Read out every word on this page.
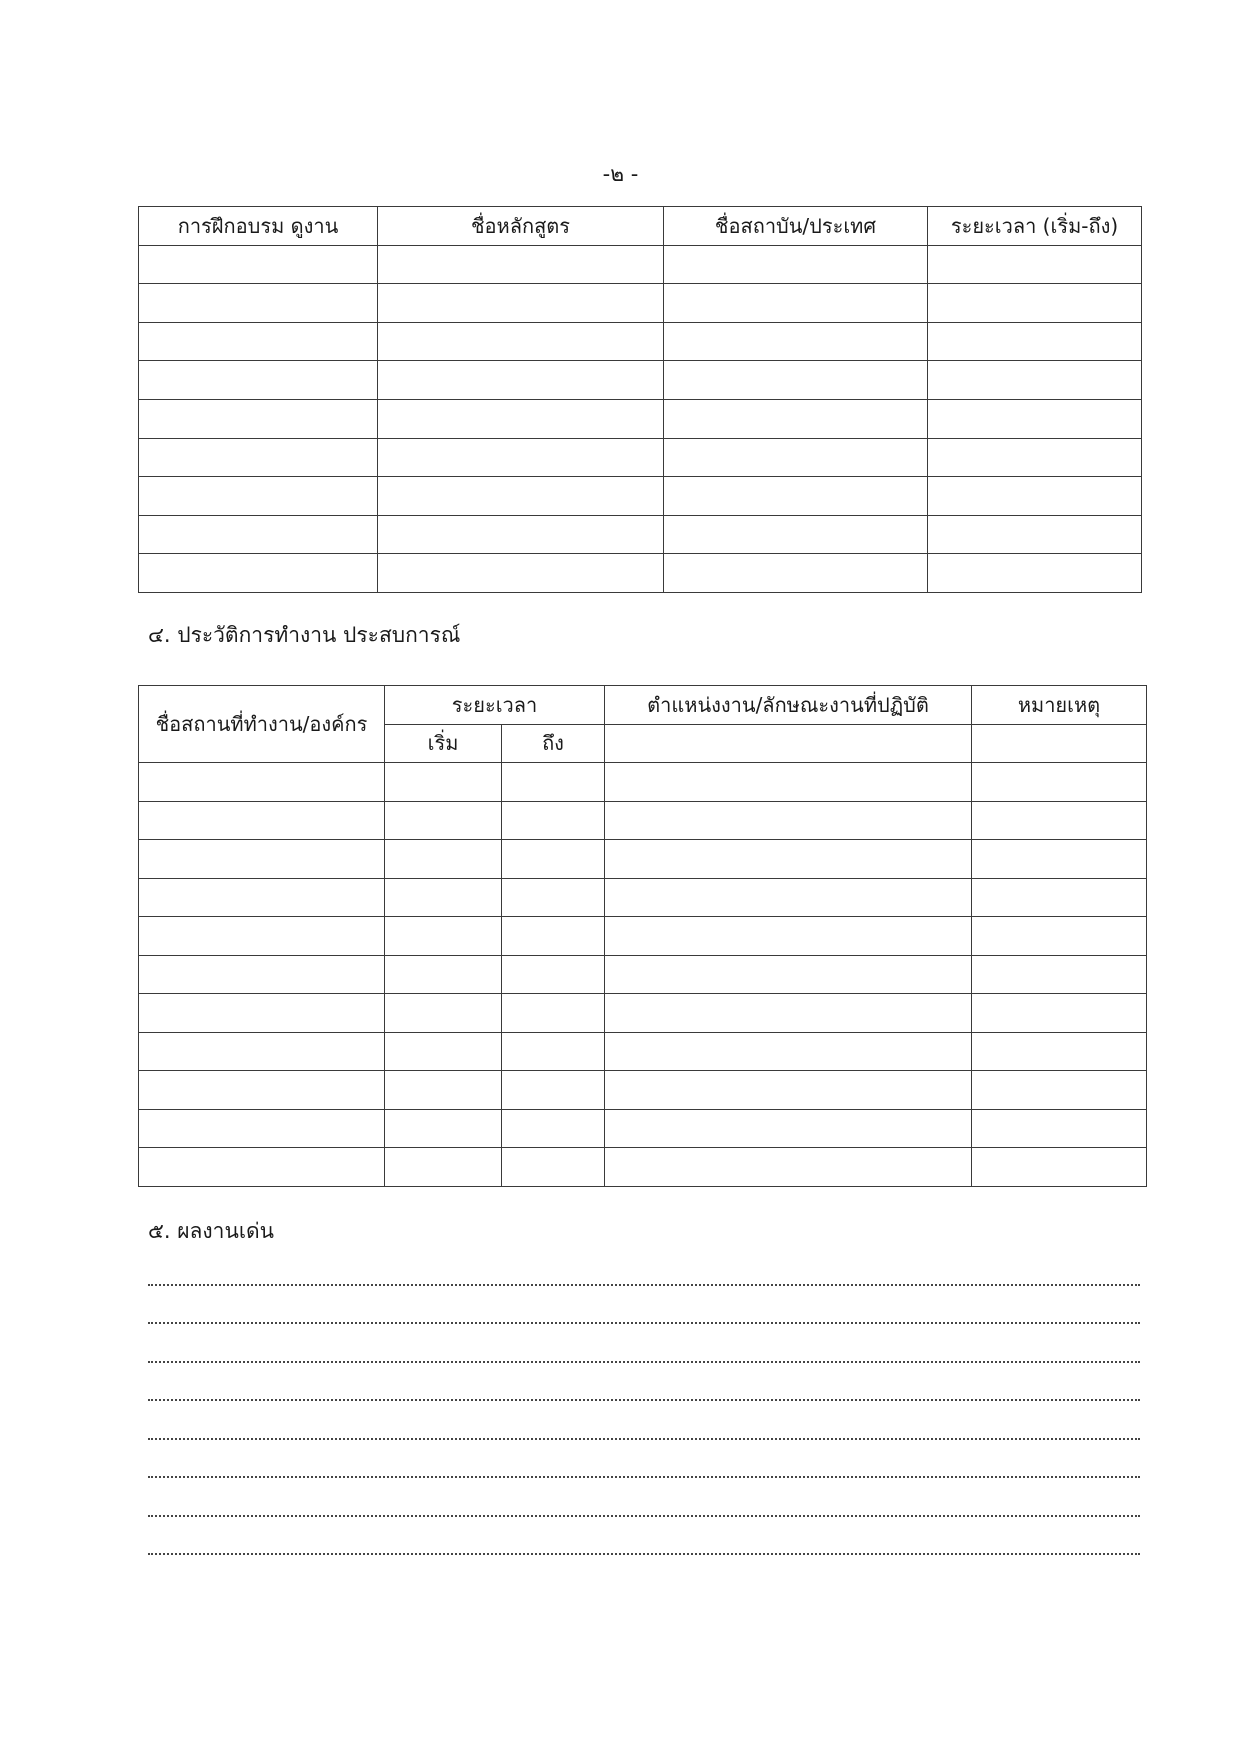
-๒ -
การฝึกอบรม ดูงาน	ชื่อหลักสูตร	ชื่อสถาบัน/ประเทศ	ระยะเวลา (เริ่ม-ถึง)

๔. ประวัติการทำงาน ประสบการณ์
ชื่อสถานที่ทำงาน/องค์กร	ระยะเวลา		ตำแหน่งงาน/ลักษณะงานที่ปฏิบัติ	หมายเหตุ
	เริ่ม	ถึง		

๕. ผลงานเด่น
